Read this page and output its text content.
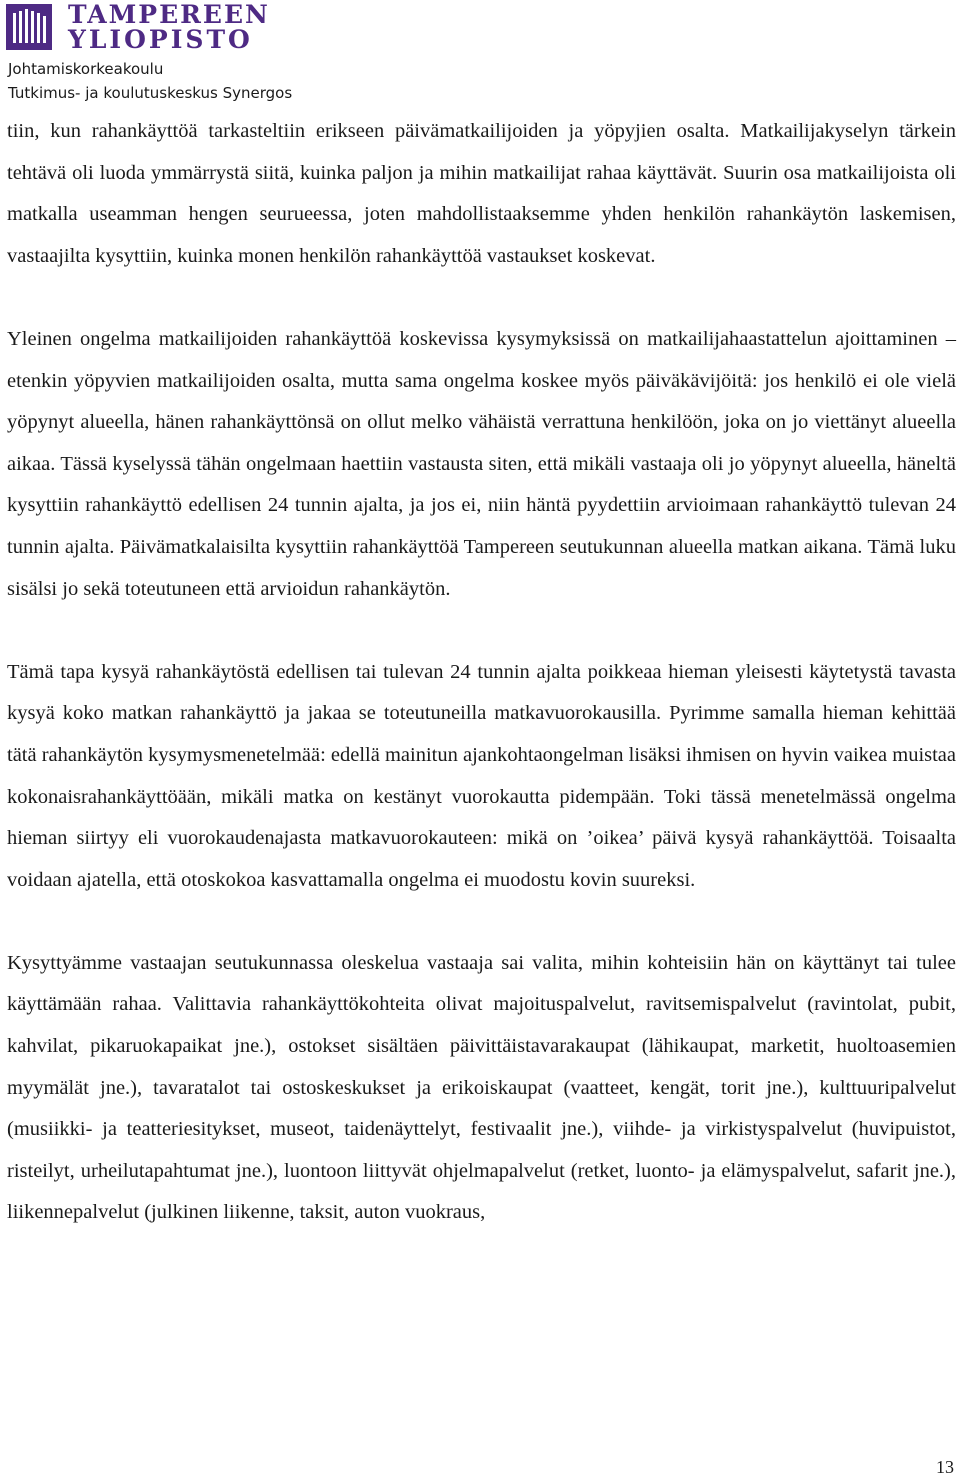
TAMPEREEN
YLIOPISTO
Johtamiskorkeakoulu
Tutkimus- ja koulutuskeskus Synergos

tiin, kun rahankäyttöä tarkasteltiin erikseen päivämatkailijoiden ja yöpyjien osalta. Matkailijakyselyn tärkein tehtävä oli luoda ymmärrystä siitä, kuinka paljon ja mihin matkailijat rahaa käyttävät. Suurin osa matkailijoista oli matkalla useamman hengen seurueessa, joten mahdollistaaksemme yhden henkilön rahankäytön laskemisen, vastaajilta kysyttiin, kuinka monen henkilön rahankäyttöä vastaukset koskevat.

Yleinen ongelma matkailijoiden rahankäyttöä koskevissa kysymyksissä on matkailijahaastattelun ajoittaminen – etenkin yöpyvien matkailijoiden osalta, mutta sama ongelma koskee myös päiväkävijöitä: jos henkilö ei ole vielä yöpynyt alueella, hänen rahankäyttönsä on ollut melko vähäistä verrattuna henkilöön, joka on jo viettänyt alueella aikaa. Tässä kyselyssä tähän ongelmaan haettiin vastausta siten, että mikäli vastaaja oli jo yöpynyt alueella, häneltä kysyttiin rahankäyttö edellisen 24 tunnin ajalta, ja jos ei, niin häntä pyydettiin arvioimaan rahankäyttö tulevan 24 tunnin ajalta. Päivämatkalaisilta kysyttiin rahankäyttöä Tampereen seutukunnan alueella matkan aikana. Tämä luku sisälsi jo sekä toteutuneen että arvioidun rahankäytön.

Tämä tapa kysyä rahankäytöstä edellisen tai tulevan 24 tunnin ajalta poikkeaa hieman yleisesti käytetystä tavasta kysyä koko matkan rahankäyttö ja jakaa se toteutuneilla matkavuorokausilla. Pyrimme samalla hieman kehittää tätä rahankäytön kysymysmenetelmää: edellä mainitun ajankohtaongelman lisäksi ihmisen on hyvin vaikea muistaa kokonaisrahankäyttöään, mikäli matka on kestänyt vuorokautta pidempään. Toki tässä menetelmässä ongelma hieman siirtyy eli vuorokaudenajasta matkavuorokauteen: mikä on ’oikea’ päivä kysyä rahankäyttöä. Toisaalta voidaan ajatella, että otoskokoa kasvattamalla ongelma ei muodostu kovin suureksi.

Kysyttyämme vastaajan seutukunnassa oleskelua vastaaja sai valita, mihin kohteisiin hän on käyttänyt tai tulee käyttämään rahaa. Valittavia rahankäyttökohteita olivat majoituspalvelut, ravitsemispalvelut (ravintolat, pubit, kahvilat, pikaruokapaikat jne.), ostokset sisältäen päivittäistavarakaupat (lähikaupat, marketit, huoltoasemien myymälät jne.), tavaratalot tai ostoskeskukset ja erikoiskaupat (vaatteet, kengät, torit jne.), kulttuuripalvelut (musiikki- ja teatteriesitykset, museot, taidenäyttelyt, festivaalit jne.), viihde- ja virkistyspalvelut (huvipuistot, risteilyt, urheilutapahtumat jne.), luontoon liittyvät ohjelmapalvelut (retket, luonto- ja elämyspalvelut, safarit jne.), liikennepalvelut (julkinen liikenne, taksit, auton vuokraus,

13
